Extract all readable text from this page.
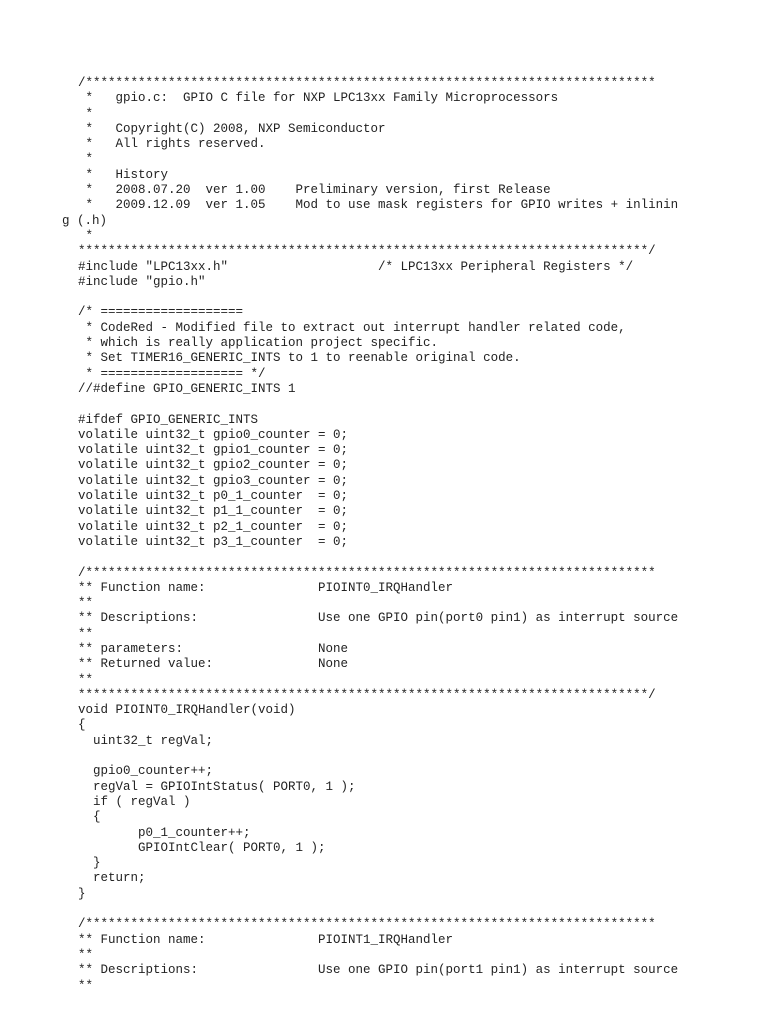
/****************************************************************************
*   gpio.c:  GPIO C file for NXP LPC13xx Family Microprocessors
*
*   Copyright(C) 2008, NXP Semiconductor
*   All rights reserved.
*
*   History
*   2008.07.20  ver 1.00    Preliminary version, first Release
*   2009.12.09  ver 1.05    Mod to use mask registers for GPIO writes + inlinin
g (.h)
*
****************************************************************************/
#include "LPC13xx.h"                    /* LPC13xx Peripheral Registers */
#include "gpio.h"
/* ===================
* CodeRed - Modified file to extract out interrupt handler related code,
* which is really application project specific.
* Set TIMER16_GENERIC_INTS to 1 to reenable original code.
* =================== */
//#define GPIO_GENERIC_INTS 1
#ifdef GPIO_GENERIC_INTS
volatile uint32_t gpio0_counter = 0;
volatile uint32_t gpio1_counter = 0;
volatile uint32_t gpio2_counter = 0;
volatile uint32_t gpio3_counter = 0;
volatile uint32_t p0_1_counter  = 0;
volatile uint32_t p1_1_counter  = 0;
volatile uint32_t p2_1_counter  = 0;
volatile uint32_t p3_1_counter  = 0;
/****************************************************************************
** Function name:               PIOINT0_IRQHandler
**
** Descriptions:                Use one GPIO pin(port0 pin1) as interrupt source
**
** parameters:                  None
** Returned value:              None
**
****************************************************************************/
void PIOINT0_IRQHandler(void)
{
uint32_t regVal;
gpio0_counter++;
regVal = GPIOIntStatus( PORT0, 1 );
if ( regVal )
{
p0_1_counter++;
GPIOIntClear( PORT0, 1 );
}
return;
}
/****************************************************************************
** Function name:               PIOINT1_IRQHandler
**
** Descriptions:                Use one GPIO pin(port1 pin1) as interrupt source
**
